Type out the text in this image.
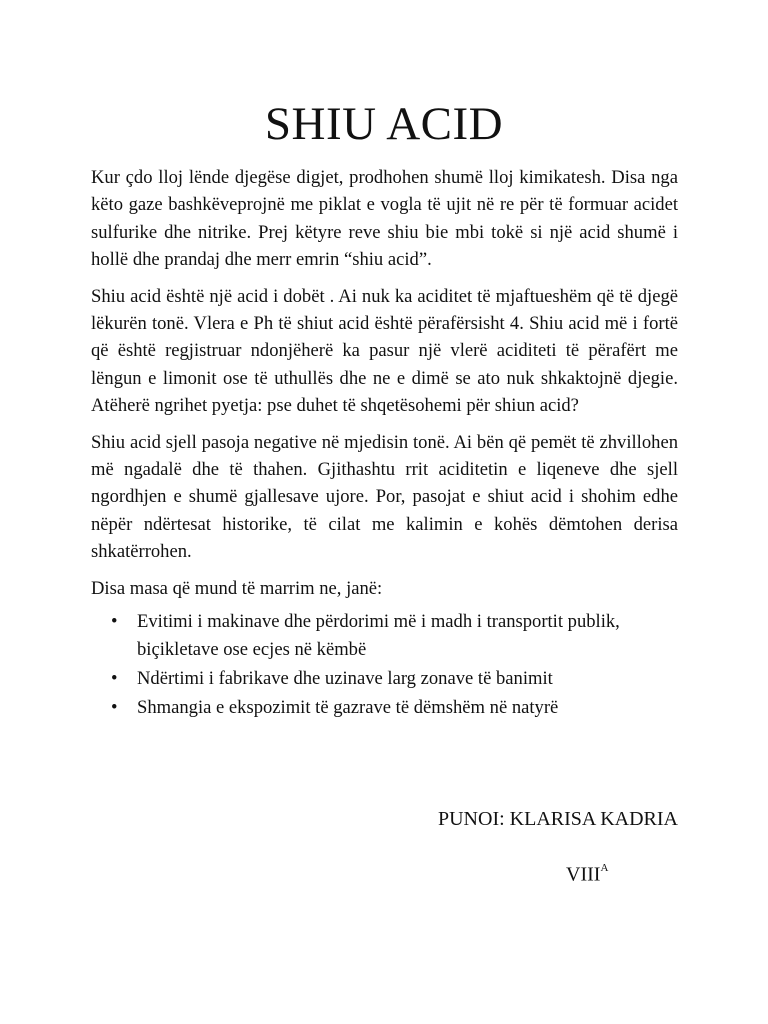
SHIU ACID

Kur çdo lloj lënde djegëse digjet, prodhohen shumë lloj kimikatesh. Disa nga këto gaze bashkëveprojnë me piklat e vogla të ujit në re për të formuar acidet sulfurike dhe nitrike. Prej këtyre reve shiu bie mbi tokë si një acid shumë i hollë dhe prandaj dhe merr emrin “shiu acid”.

Shiu acid është një acid i dobët . Ai nuk ka aciditet të mjaftueshëm që të djegë lëkurën tonë. Vlera e Ph të shiut acid është përafërsisht 4. Shiu acid më i fortë që është regjistruar ndonjëherë ka pasur një vlerë aciditeti të përafërt me lëngun e limonit ose të uthullës dhe ne e dimë se ato nuk shkaktojnë djegie. Atëherë ngrihet pyetja: pse duhet të shqetësohemi për shiun acid?

Shiu acid sjell pasoja negative në mjedisin tonë. Ai bën që pemët të zhvillohen më ngadalë dhe të thahen. Gjithashtu rrit aciditetin e liqeneve dhe sjell ngordhjen e shumë gjallesave ujore. Por, pasojat e shiut acid i shohim edhe nëpër ndërtesat historike, të cilat me kalimin e kohës dëmtohen derisa shkatërrohen.

Disa masa që mund të marrim ne, janë:

• Evitimi i makinave dhe përdorimi më i madh i transportit publik, biçikletave ose ecjes në këmbë
• Ndërtimi i fabrikave dhe uzinave larg zonave të banimit
• Shmangia e ekspozimit të gazrave të dëmshëm në natyrë
PUNOI: KLARISA KADRIA
$VIII^A$
